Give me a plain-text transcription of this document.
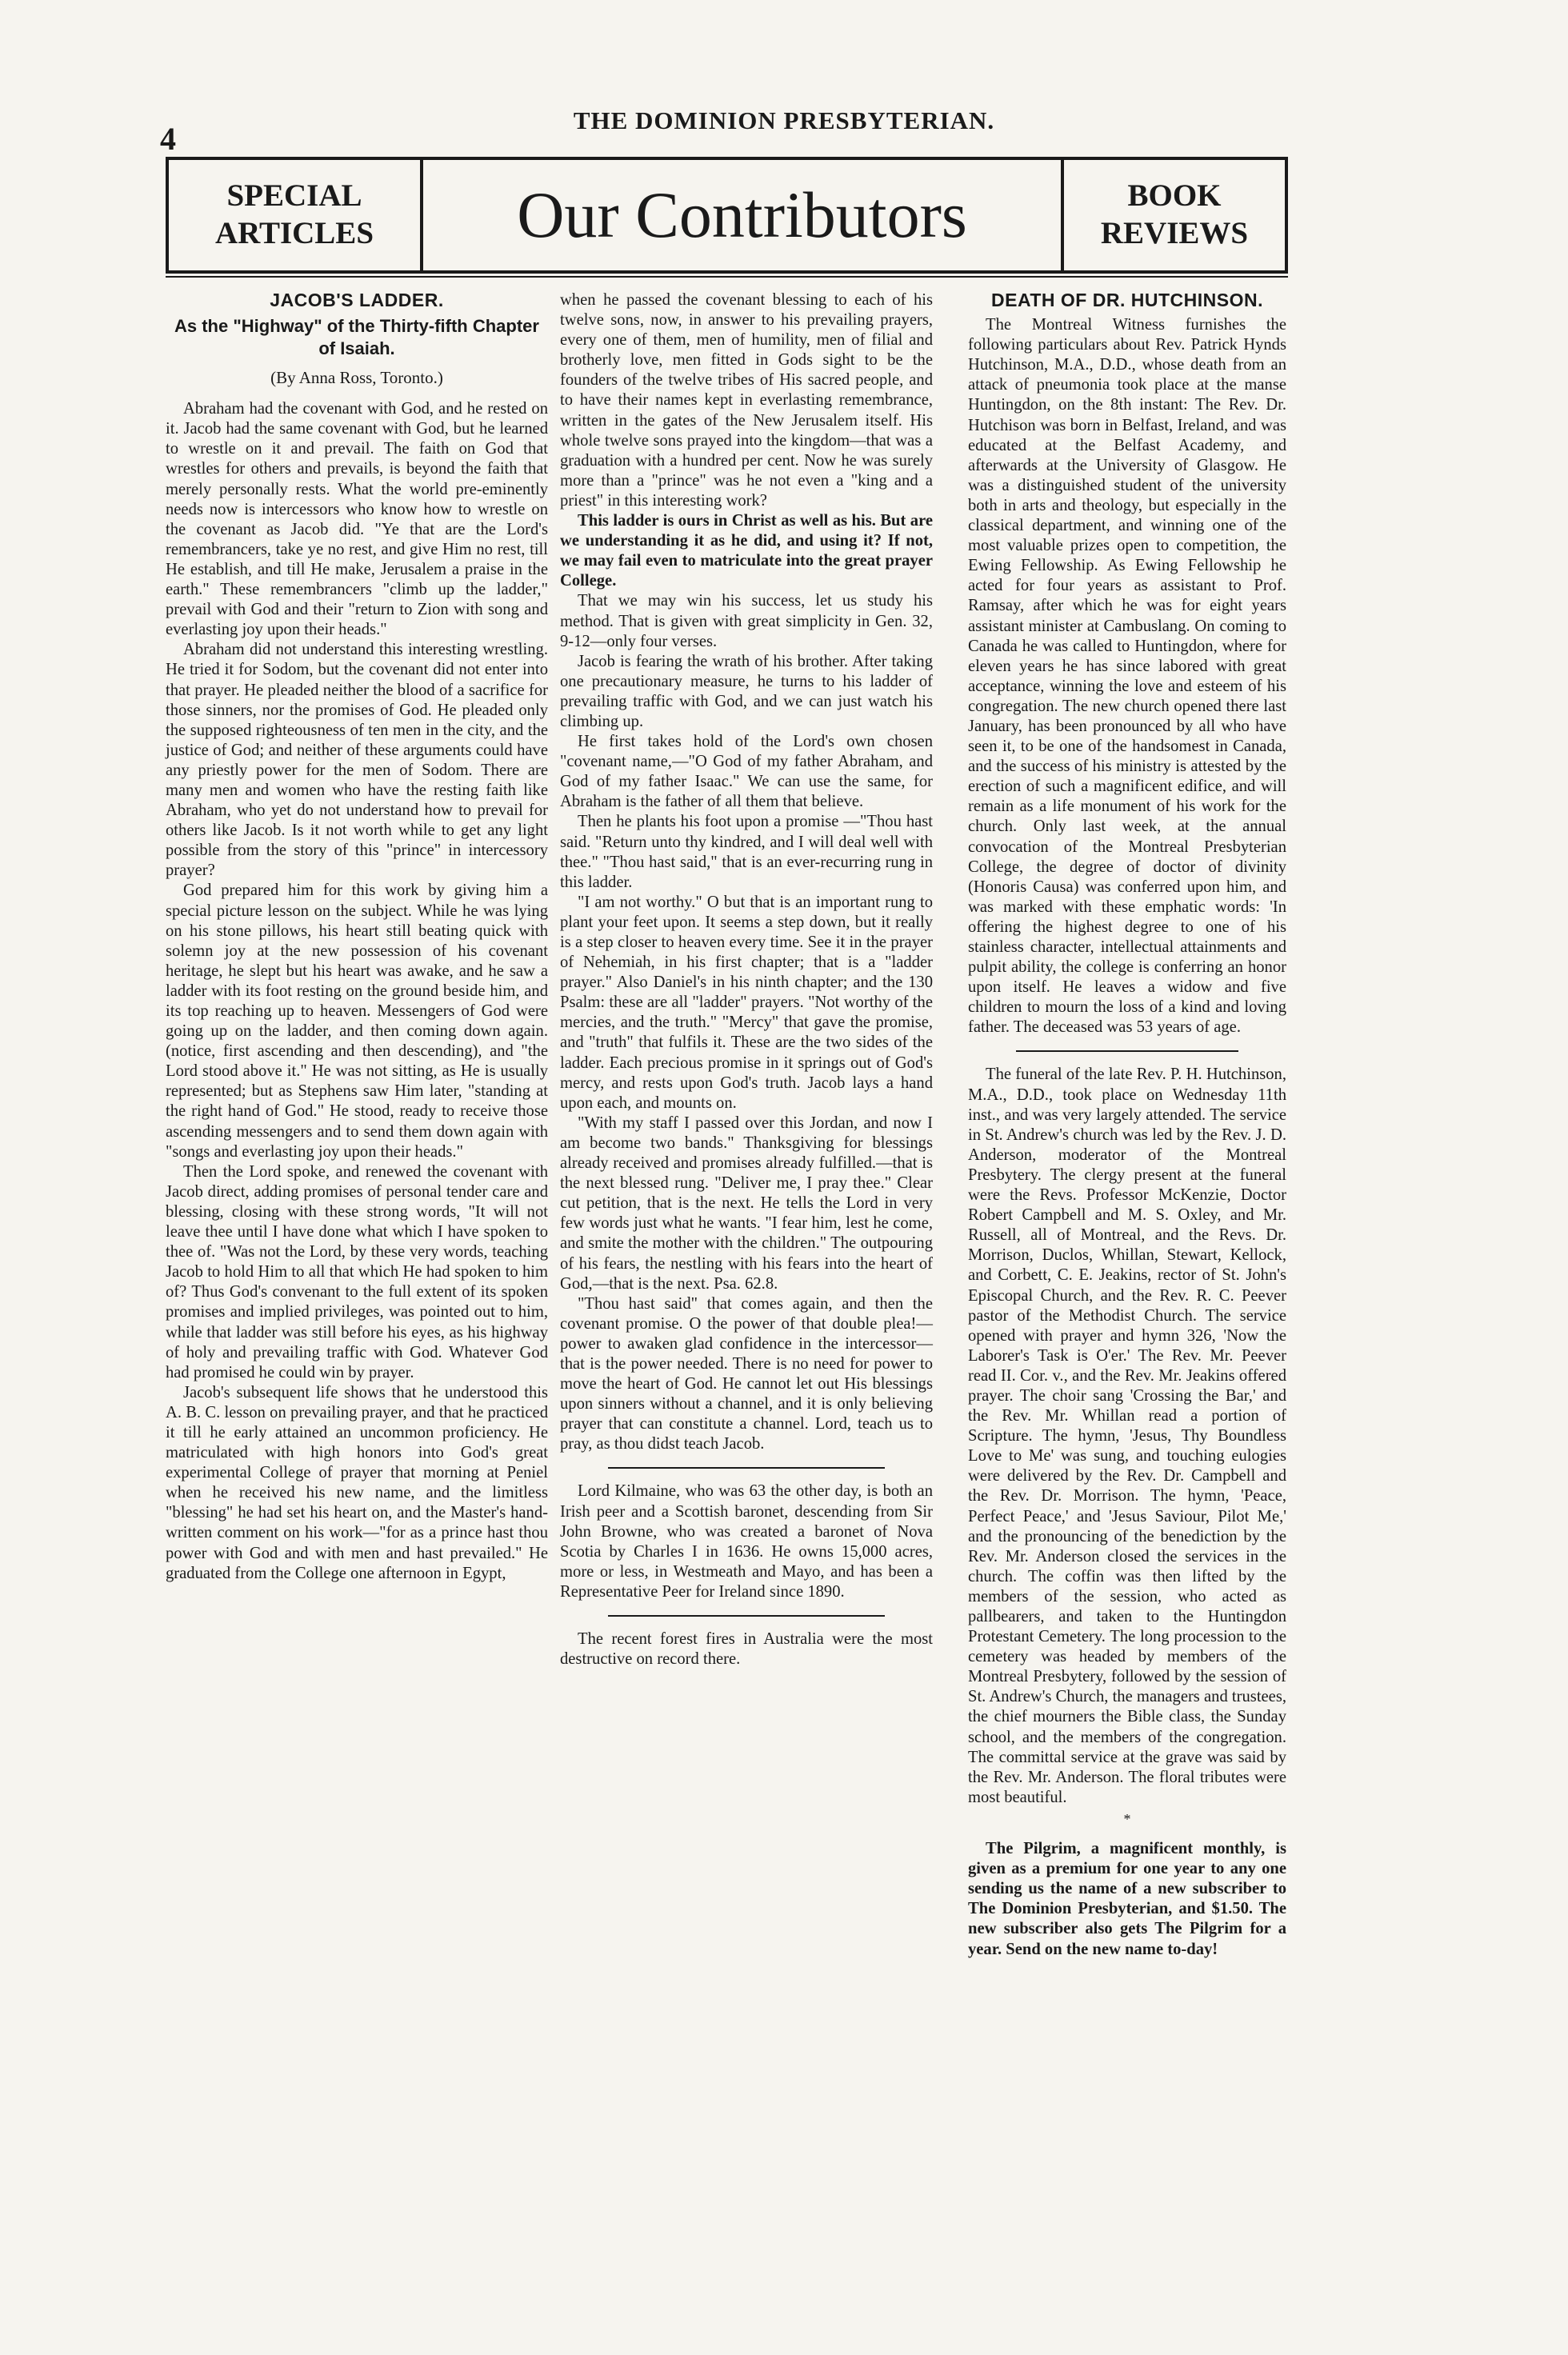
4
THE DOMINION PRESBYTERIAN.
SPECIAL
ARTICLES	Our Contributors	BOOK
REVIEWS
JACOB'S LADDER.
As the "Highway" of the Thirty-fifth Chapter of Isaiah.
(By Anna Ross, Toronto.)

Abraham had the covenant with God, and he rested on it. Jacob had the same covenant with God, but he learned to wrestle on it and prevail. The faith on God that wrestles for others and prevails, is beyond the faith that merely personally rests. What the world pre-eminently needs now is intercessors who know how to wrestle on the covenant as Jacob did. "Ye that are the Lord's remembrancers, take ye no rest, and give Him no rest, till He establish, and till He make, Jerusalem a praise in the earth." These remembrancers "climb up the ladder," prevail with God and their "return to Zion with song and everlasting joy upon their heads."

Abraham did not understand this interesting wrestling. He tried it for Sodom, but the covenant did not enter into that prayer. He pleaded neither the blood of a sacrifice for those sinners, nor the promises of God. He pleaded only the supposed righteousness of ten men in the city, and the justice of God; and neither of these arguments could have any priestly power for the men of Sodom. There are many men and women who have the resting faith like Abraham, who yet do not understand how to prevail for others like Jacob. Is it not worth while to get any light possible from the story of this "prince" in intercessory prayer?

God prepared him for this work by giving him a special picture lesson on the subject. While he was lying on his stone pillows, his heart still beating quick with solemn joy at the new possession of his covenant heritage, he slept but his heart was awake, and he saw a ladder with its foot resting on the ground beside him, and its top reaching up to heaven. Messengers of God were going up on the ladder, and then coming down again. (notice, first ascending and then descending), and "the Lord stood above it." He was not sitting, as He is usually represented; but as Stephens saw Him later, "standing at the right hand of God." He stood, ready to receive those ascending messengers and to send them down again with "songs and everlasting joy upon their heads."

Then the Lord spoke, and renewed the covenant with Jacob direct, adding promises of personal tender care and blessing, closing with these strong words, "It will not leave thee until I have done what which I have spoken to thee of. "Was not the Lord, by these very words, teaching Jacob to hold Him to all that which He had spoken to him of? Thus God's convenant to the full extent of its spoken promises and implied privileges, was pointed out to him, while that ladder was still before his eyes, as his highway of holy and prevailing traffic with God. Whatever God had promised he could win by prayer.

Jacob's subsequent life shows that he understood this A. B. C. lesson on prevailing prayer, and that he practiced it till he early attained an uncommon proficiency. He matriculated with high honors into God's great experimental College of prayer that morning at Peniel when he received his new name, and the limitless "blessing" he had set his heart on, and the Master's hand-written comment on his work—"for as a prince hast thou power with God and with men and hast prevailed." He graduated from the College one afternoon in Egypt,

when he passed the covenant blessing to each of his twelve sons, now, in answer to his prevailing prayers, every one of them, men of humility, men of filial and brotherly love, men fitted in Gods sight to be the founders of the twelve tribes of His sacred people, and to have their names kept in everlasting remembrance, written in the gates of the New Jerusalem itself. His whole twelve sons prayed into the kingdom—that was a graduation with a hundred per cent. Now he was surely more than a "prince" was he not even a "king and a priest" in this interesting work?

This ladder is ours in Christ as well as his. But are we understanding it as he did, and using it? If not, we may fail even to matriculate into the great prayer College.

That we may win his success, let us study his method. That is given with great simplicity in Gen. 32, 9-12—only four verses.

Jacob is fearing the wrath of his brother. After taking one precautionary measure, he turns to his ladder of prevailing traffic with God, and we can just watch his climbing up.

He first takes hold of the Lord's own chosen "covenant name,—"O God of my father Abraham, and God of my father Isaac." We can use the same, for Abraham is the father of all them that believe.

Then he plants his foot upon a promise —"Thou hast said. "Return unto thy kindred, and I will deal well with thee." "Thou hast said," that is an ever-recurring rung in this ladder.

"I am not worthy." O but that is an important rung to plant your feet upon. It seems a step down, but it really is a step closer to heaven every time. See it in the prayer of Nehemiah, in his first chapter; that is a "ladder prayer." Also Daniel's in his ninth chapter; and the 130 Psalm: these are all "ladder" prayers. "Not worthy of the mercies, and the truth." "Mercy" that gave the promise, and "truth" that fulfils it. These are the two sides of the ladder. Each precious promise in it springs out of God's mercy, and rests upon God's truth. Jacob lays a hand upon each, and mounts on.

"With my staff I passed over this Jordan, and now I am become two bands." Thanksgiving for blessings already received and promises already fulfilled.—that is the next blessed rung. "Deliver me, I pray thee." Clear cut petition, that is the next. He tells the Lord in very few words just what he wants. "I fear him, lest he come, and smite the mother with the children." The outpouring of his fears, the nestling with his fears into the heart of God,—that is the next. Psa. 62.8.

"Thou hast said" that comes again, and then the covenant promise. O the power of that double plea!—power to awaken glad confidence in the intercessor—that is the power needed. There is no need for power to move the heart of God. He cannot let out His blessings upon sinners without a channel, and it is only believing prayer that can constitute a channel. Lord, teach us to pray, as thou didst teach Jacob.

Lord Kilmaine, who was 63 the other day, is both an Irish peer and a Scottish baronet, descending from Sir John Browne, who was created a baronet of Nova Scotia by Charles I in 1636. He owns 15,000 acres, more or less, in Westmeath and Mayo, and has been a Representative Peer for Ireland since 1890.

The recent forest fires in Australia were the most destructive on record there.

DEATH OF DR. HUTCHINSON.

The Montreal Witness furnishes the following particulars about Rev. Patrick Hynds Hutchinson, M.A., D.D., whose death from an attack of pneumonia took place at the manse Huntingdon, on the 8th instant: The Rev. Dr. Hutchison was born in Belfast, Ireland, and was educated at the Belfast Academy, and afterwards at the University of Glasgow. He was a distinguished student of the university both in arts and theology, but especially in the classical department, and winning one of the most valuable prizes open to competition, the Ewing Fellowship. As Ewing Fellowship he acted for four years as assistant to Prof. Ramsay, after which he was for eight years assistant minister at Cambuslang. On coming to Canada he was called to Huntingdon, where for eleven years he has since labored with great acceptance, winning the love and esteem of his congregation. The new church opened there last January, has been pronounced by all who have seen it, to be one of the handsomest in Canada, and the success of his ministry is attested by the erection of such a magnificent edifice, and will remain as a life monument of his work for the church. Only last week, at the annual convocation of the Montreal Presbyterian College, the degree of doctor of divinity (Honoris Causa) was conferred upon him, and was marked with these emphatic words: 'In offering the highest degree to one of his stainless character, intellectual attainments and pulpit ability, the college is conferring an honor upon itself. He leaves a widow and five children to mourn the loss of a kind and loving father. The deceased was 53 years of age.

The funeral of the late Rev. P. H. Hutchinson, M.A., D.D., took place on Wednesday 11th inst., and was very largely attended. The service in St. Andrew's church was led by the Rev. J. D. Anderson, moderator of the Montreal Presbytery. The clergy present at the funeral were the Revs. Professor McKenzie, Doctor Robert Campbell and M. S. Oxley, and Mr. Russell, all of Montreal, and the Revs. Dr. Morrison, Duclos, Whillan, Stewart, Kellock, and Corbett, C. E. Jeakins, rector of St. John's Episcopal Church, and the Rev. R. C. Peever pastor of the Methodist Church. The service opened with prayer and hymn 326, 'Now the Laborer's Task is O'er.' The Rev. Mr. Peever read II. Cor. v., and the Rev. Mr. Jeakins offered prayer. The choir sang 'Crossing the Bar,' and the Rev. Mr. Whillan read a portion of Scripture. The hymn, 'Jesus, Thy Boundless Love to Me' was sung, and touching eulogies were delivered by the Rev. Dr. Campbell and the Rev. Dr. Morrison. The hymn, 'Peace, Perfect Peace,' and 'Jesus Saviour, Pilot Me,' and the pronouncing of the benediction by the Rev. Mr. Anderson closed the services in the church. The coffin was then lifted by the members of the session, who acted as pallbearers, and taken to the Huntingdon Protestant Cemetery. The long procession to the cemetery was headed by members of the Montreal Presbytery, followed by the session of St. Andrew's Church, the managers and trustees, the chief mourners the Bible class, the Sunday school, and the members of the congregation. The committal service at the grave was said by the Rev. Mr. Anderson. The floral tributes were most beautiful.

*

The Pilgrim, a magnificent monthly, is given as a premium for one year to any one sending us the name of a new subscriber to The Dominion Presbyterian, and $1.50. The new subscriber also gets The Pilgrim for a year. Send on the new name to-day!
